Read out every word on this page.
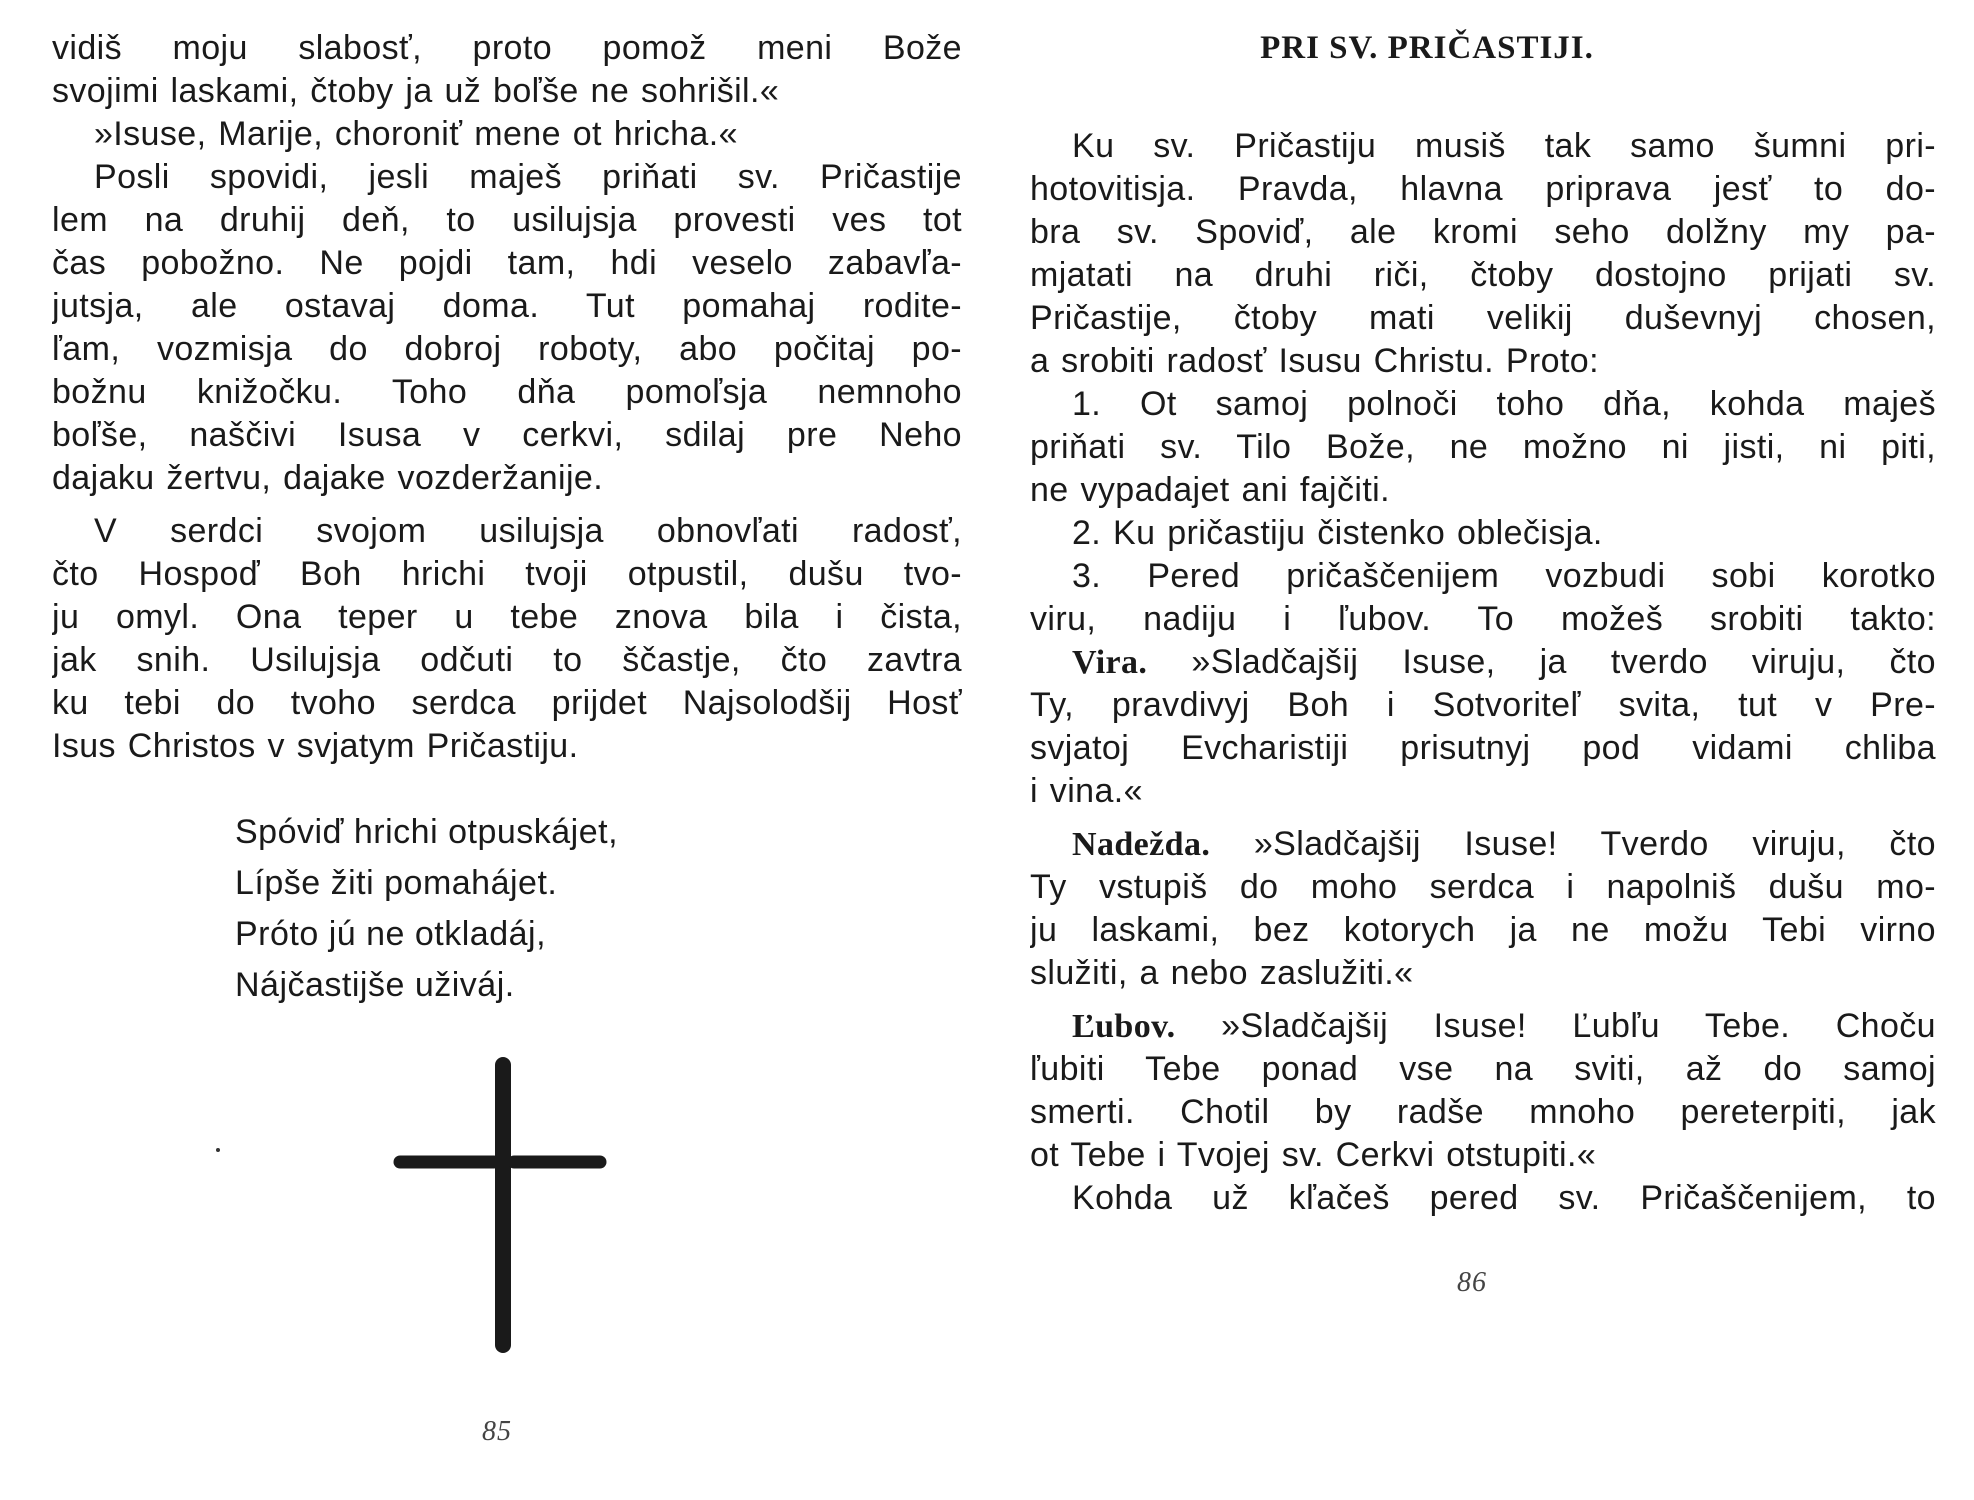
vidiš moju slabosť, proto pomož meni Bože
svojimi laskami, čtoby ja už boľše ne sohrišil.«
»Isuse, Marije, choroniť mene ot hricha.«
Posli spovidi, jesli maješ priňati sv. Pričastije
lem na druhij deň, to usilujsja provesti ves tot
čas pobožno. Ne pojdi tam, hdi veselo zabavľa-
jutsja, ale ostavaj doma. Tut pomahaj rodite-
ľam, vozmisja do dobroj roboty, abo počitaj po-
božnu knižočku. Toho dňa pomoľsja nemnoho
boľše, naščivi Isusa v cerkvi, sdilaj pre Neho
dajaku žertvu, dajake vozderžanije.
V serdci svojom usilujsja obnovľati radosť,
čto Hospoď Boh hrichi tvoji otpustil, dušu tvo-
ju omyl. Ona teper u tebe znova bila i čista,
jak snih. Usilujsja odčuti to ščastje, čto zavtra
ku tebi do tvoho serdca prijdet Najsolodšij Hosť
Isus Christos v svjatym Pričastiju.
Spóviď hrichi otpuskájet,
Lípše žiti pomahájet.
Próto jú ne otkladáj,
Nájčastijše uživáj.
85
PRI SV. PRIČASTIJI.
Ku sv. Pričastiju musiš tak samo šumni pri-
hotovitisja. Pravda, hlavna priprava jesť to do-
bra sv. Spoviď, ale kromi seho dolžny my pa-
mjatati na druhi riči, čtoby dostojno prijati sv.
Pričastije, čtoby mati velikij duševnyj chosen,
a srobiti radosť Isusu Christu. Proto:
1. Ot samoj polnoči toho dňa, kohda maješ
priňati sv. Tilo Bože, ne možno ni jisti, ni piti,
ne vypadajet ani fajčiti.
2. Ku pričastiju čistenko oblečisja.
3. Pered pričaščenijem vozbudi sobi korotko
viru, nadiju i ľubov. To možeš srobiti takto:
Vira. »Sladčajšij Isuse, ja tverdo viruju, čto
Ty, pravdivyj Boh i Sotvoriteľ svita, tut v Pre-
svjatoj Evcharistiji prisutnyj pod vidami chliba
i vina.«
Nadežda. »Sladčajšij Isuse! Tverdo viruju, čto
Ty vstupiš do moho serdca i napolniš dušu mo-
ju laskami, bez kotorych ja ne možu Tebi virno
služiti, a nebo zaslužiti.«
Ľubov. »Sladčajšij Isuse! Ľubľu Tebe. Choču
ľubiti Tebe ponad vse na sviti, až do samoj
smerti. Chotil by radše mnoho pereterpiti, jak
ot Tebe i Tvojej sv. Cerkvi otstupiti.«
Kohda už kľačeš pered sv. Pričaščenijem, to
86
